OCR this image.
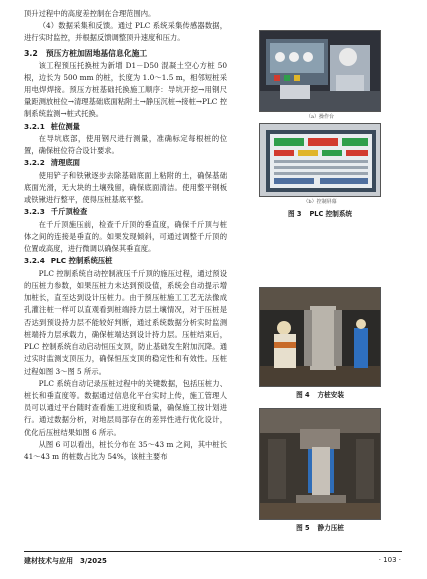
顶升过程中的高度差控制在合理范围内。

（4）数据采集和反馈。通过 PLC 系统采集传感器数据，进行实时监控，并根据反馈调整顶升速度和压力。

3.2 预压方桩加固地基信息化施工

该工程预压托换桩为新增 D1－D50 混凝土空心方桩 50 根，边长为 500 mm 的桩，长度为 1.0～1.5 m，相邻短桩采用电焊焊接。预压方桩基础托换施工顺序：导坑开挖→用钢尺量距测放桩位→清理基础底面粘附土→静压沉桩→接桩→PLC 控制系统监测→桩式托换。

3.2.1 桩位测量

在导坑底部，使用钢尺进行测量，准确标定每根桩的位置，确保桩位符合设计要求。

3.2.2 清理底面

使用铲子和铁锹逐步去除基础底面上粘附的土，确保基础底面光滑，无大块的土壤残留，确保底面清洁。使用整平钢板或铁锹进行整平，使得压桩基底平整。

3.2.3 千斤顶检查

在千斤顶施压前，检查千斤顶的垂直度，确保千斤顶与桩体之间的连接是垂直的。如果发现倾斜，可通过调整千斤顶的位置或高度，进行微调以确保其垂直度。

3.2.4 PLC 控制系统压桩

PLC 控制系统自动控制液压千斤顶的施压过程，通过预设的压桩力参数，如果压桩力未达到预设值，系统会自动提示增加桩长，直至达到设计压桩力。由于预压桩施工工艺无法像成孔灌注桩一样可以直观看到桩端持力层土壤情况，对于压桩是否达到预设持力层不能较好判断，通过系统数据分析实时监测桩端持力层承载力，确保桩端达到设计持力层。压桩结束后，PLC 控制系统自动启动恒压支顶，防止基础发生附加沉降。通过实时监测支顶压力，确保恒压支顶的稳定性和有效性。压桩过程如图 3～图 5 所示。

PLC 系统自动记录压桩过程中的关键数据，包括压桩力、桩长和垂直度等。数据通过信息化平台实时上传，施工管理人员可以通过平台随时查看施工进度和质量，确保施工按计划进行。通过数据分析，对地层局部存在的差异性进行优化设计，优化后压桩结果如图 6 所示。

从图 6 可以看出，桩长分布在 35～43 m 之间，其中桩长 41～43 m 的桩数占比为 54%，该桩主要布

（a）操作台
（b）控制屏幕
图 3 PLC 控制系统
图 4 方桩安装
图 5 静力压桩
建材技术与应用　3/2025	· 103 ·
